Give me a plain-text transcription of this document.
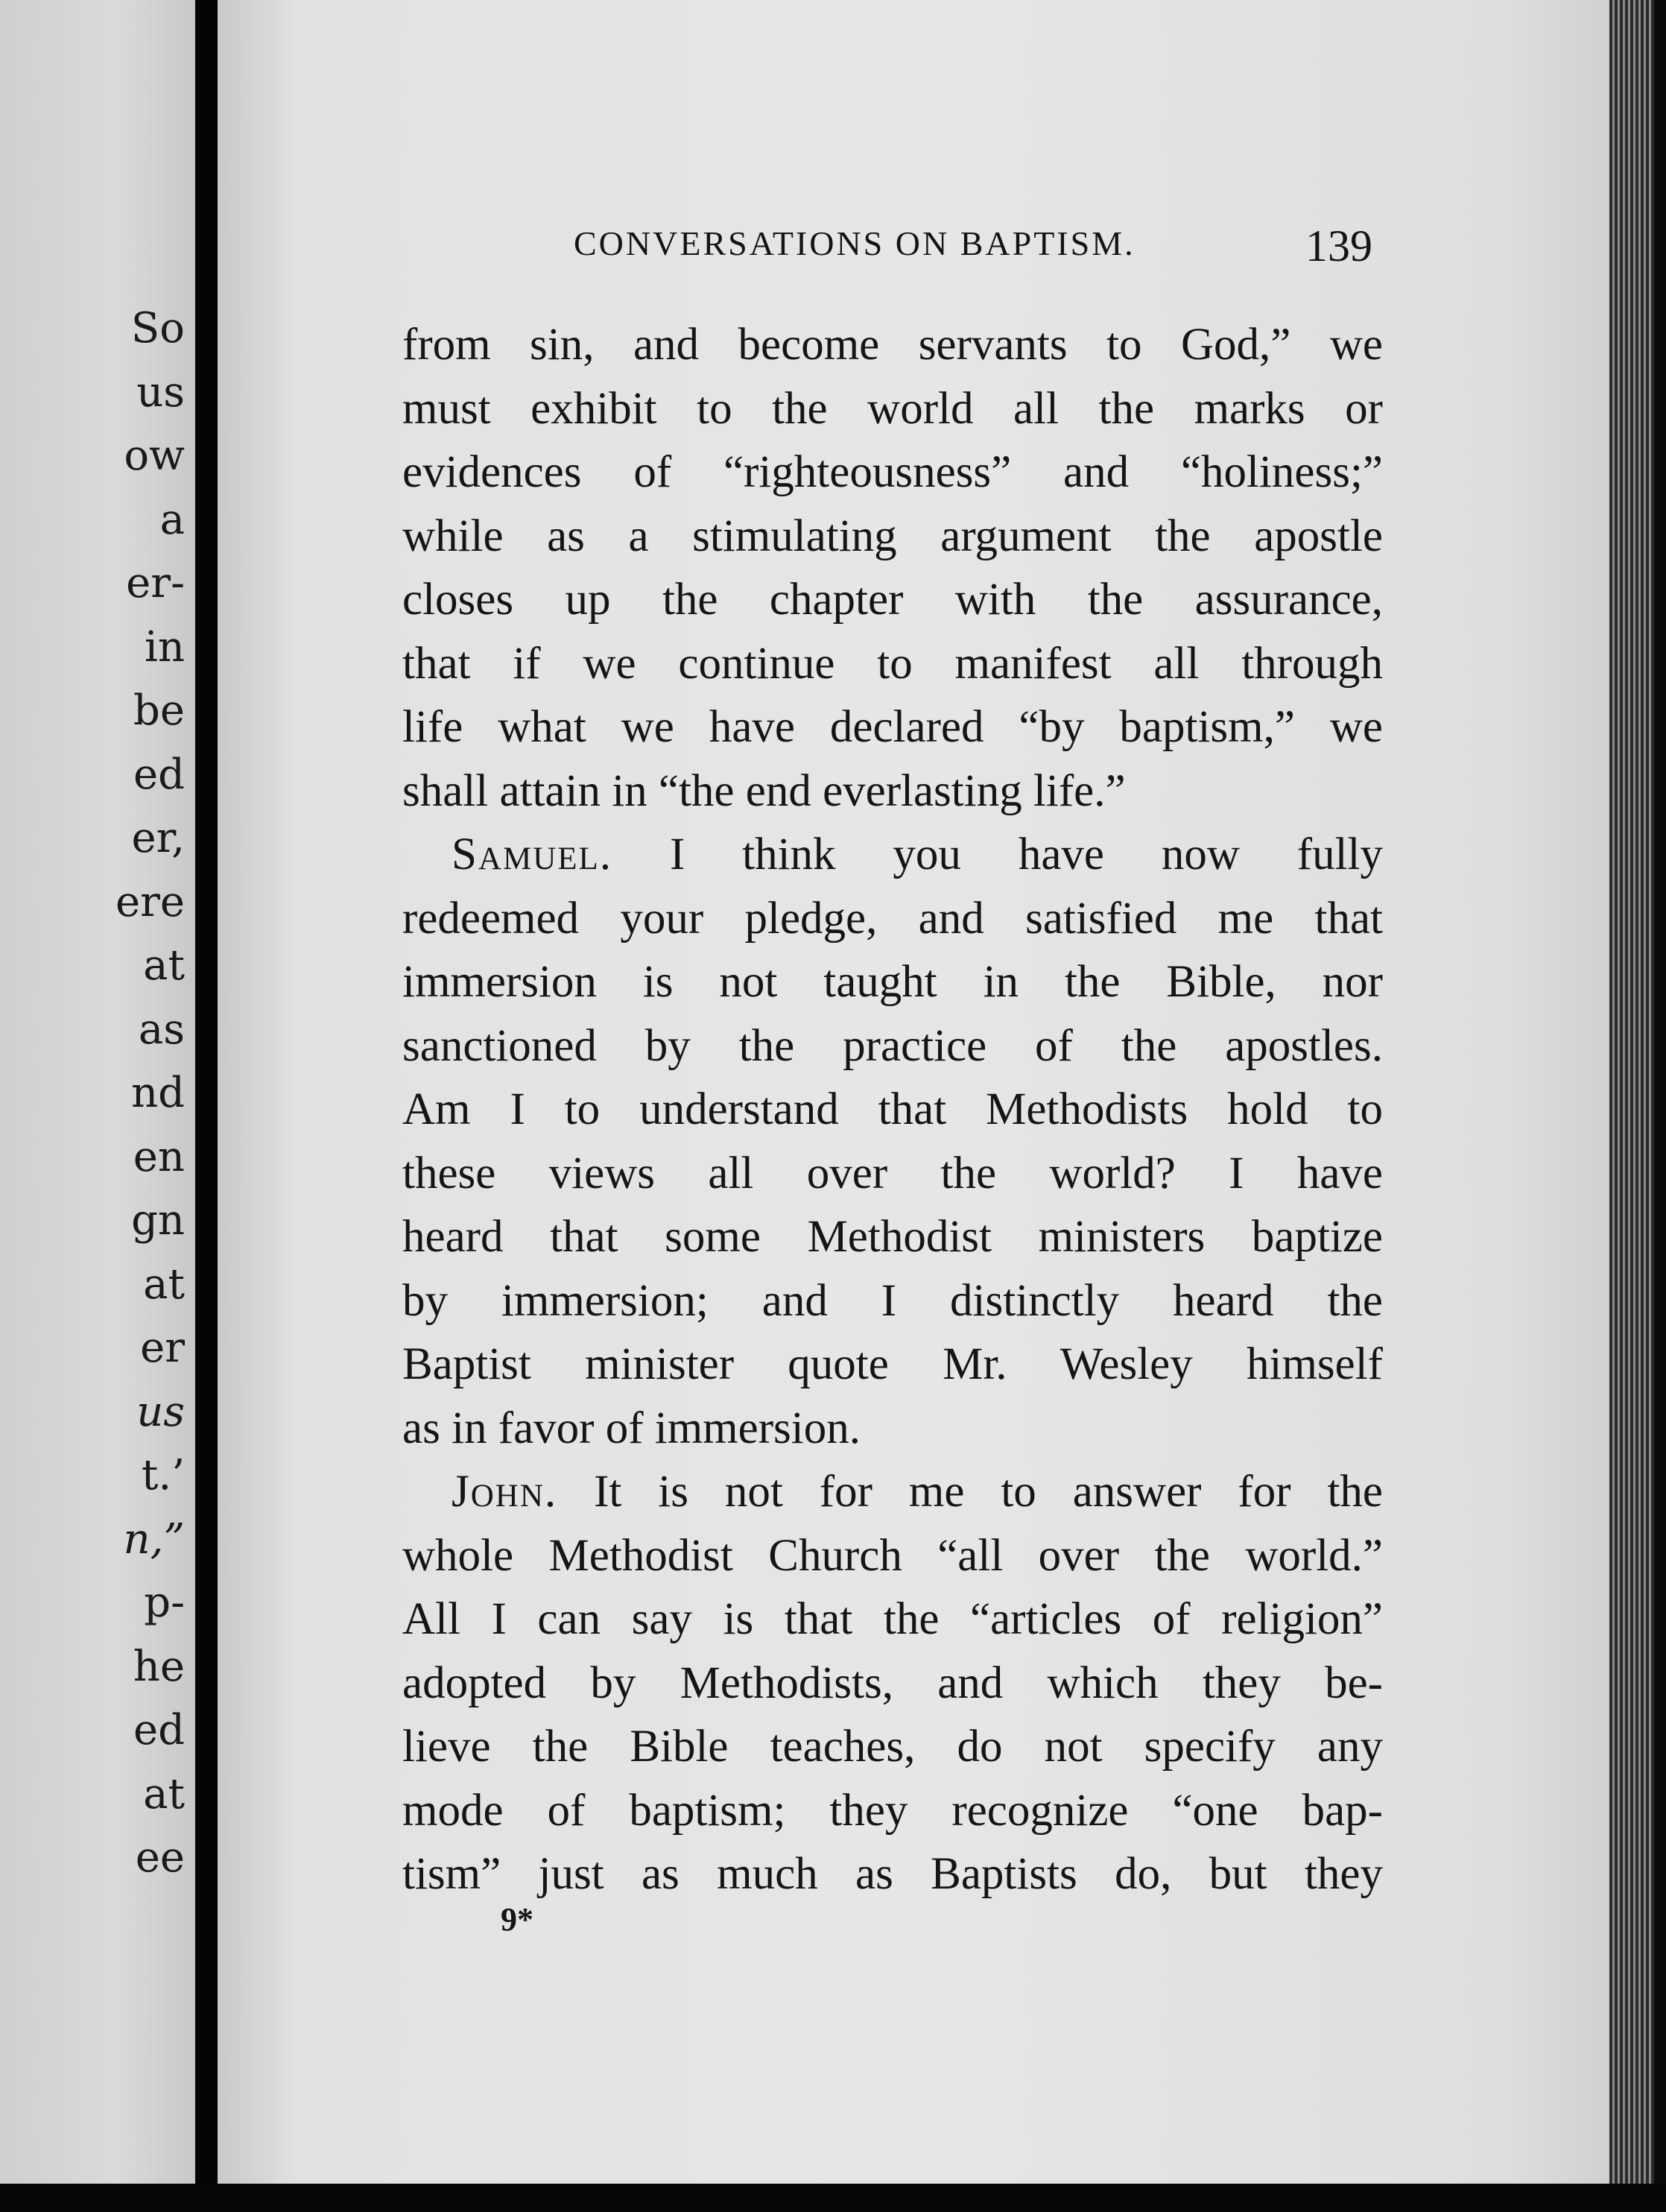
So
us
ow
a
er-
in
be
ed
er,
ere
at
as
nd
en
gn
at
er
us
t.’
n,”
p-
he
ed
at
ee
CONVERSATIONS ON BAPTISM.	139
from sin, and become servants to God,” we
must exhibit to the world all the marks or
evidences of “righteousness” and “holiness;”
while as a stimulating argument the apostle
closes up the chapter with the assurance,
that if we continue to manifest all through
life what we have declared “by baptism,” we
shall attain in “the end everlasting life.”
Samuel. I think you have now fully
redeemed your pledge, and satisfied me that
immersion is not taught in the Bible, nor
sanctioned by the practice of the apostles.
Am I to understand that Methodists hold to
these views all over the world? I have
heard that some Methodist ministers baptize
by immersion; and I distinctly heard the
Baptist minister quote Mr. Wesley himself
as in favor of immersion.
John. It is not for me to answer for the
whole Methodist Church “all over the world.”
All I can say is that the “articles of religion”
adopted by Methodists, and which they be-
lieve the Bible teaches, do not specify any
mode of baptism; they recognize “one bap-
tism” just as much as Baptists do, but they
9*
